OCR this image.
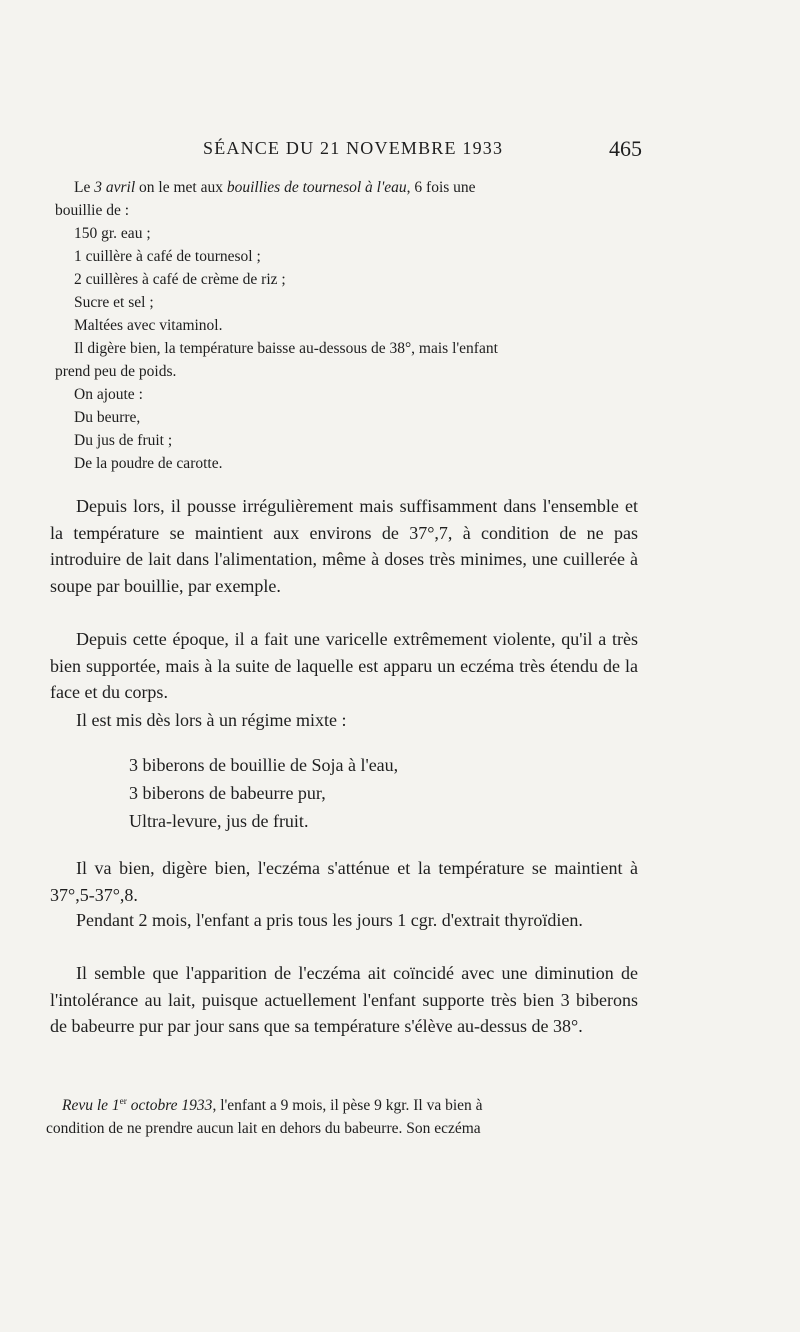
SÉANCE DU 21 NOVEMBRE 1933	465
Le 3 avril on le met aux bouillies de tournesol à l'eau, 6 fois une
bouillie de :
150 gr. eau ;
1 cuillère à café de tournesol ;
2 cuillères à café de crème de riz ;
Sucre et sel ;
Maltées avec vitaminol.
Il digère bien, la température baisse au-dessous de 38°, mais l'enfant
prend peu de poids.
On ajoute :
Du beurre,
Du jus de fruit ;
De la poudre de carotte.

Depuis lors, il pousse irrégulièrement mais suffisamment dans l'ensemble et la température se maintient aux environs de 37°,7, à condition de ne pas introduire de lait dans l'alimentation, même à doses très minimes, une cuillerée à soupe par bouillie, par exemple.

Depuis cette époque, il a fait une varicelle extrêmement violente, qu'il a très bien supportée, mais à la suite de laquelle est apparu un eczéma très étendu de la face et du corps.

Il est mis dès lors à un régime mixte :

3 biberons de bouillie de Soja à l'eau,
3 biberons de babeurre pur,
Ultra-levure, jus de fruit.

Il va bien, digère bien, l'eczéma s'atténue et la température se maintient à 37°,5-37°,8.

Pendant 2 mois, l'enfant a pris tous les jours 1 cgr. d'extrait thyroïdien.

Il semble que l'apparition de l'eczéma ait coïncidé avec une diminution de l'intolérance au lait, puisque actuellement l'enfant supporte très bien 3 biberons de babeurre pur par jour sans que sa température s'élève au-dessus de 38°.

Revu le 1er octobre 1933, l'enfant a 9 mois, il pèse 9 kgr. Il va bien à
condition de ne prendre aucun lait en dehors du babeurre. Son eczéma
